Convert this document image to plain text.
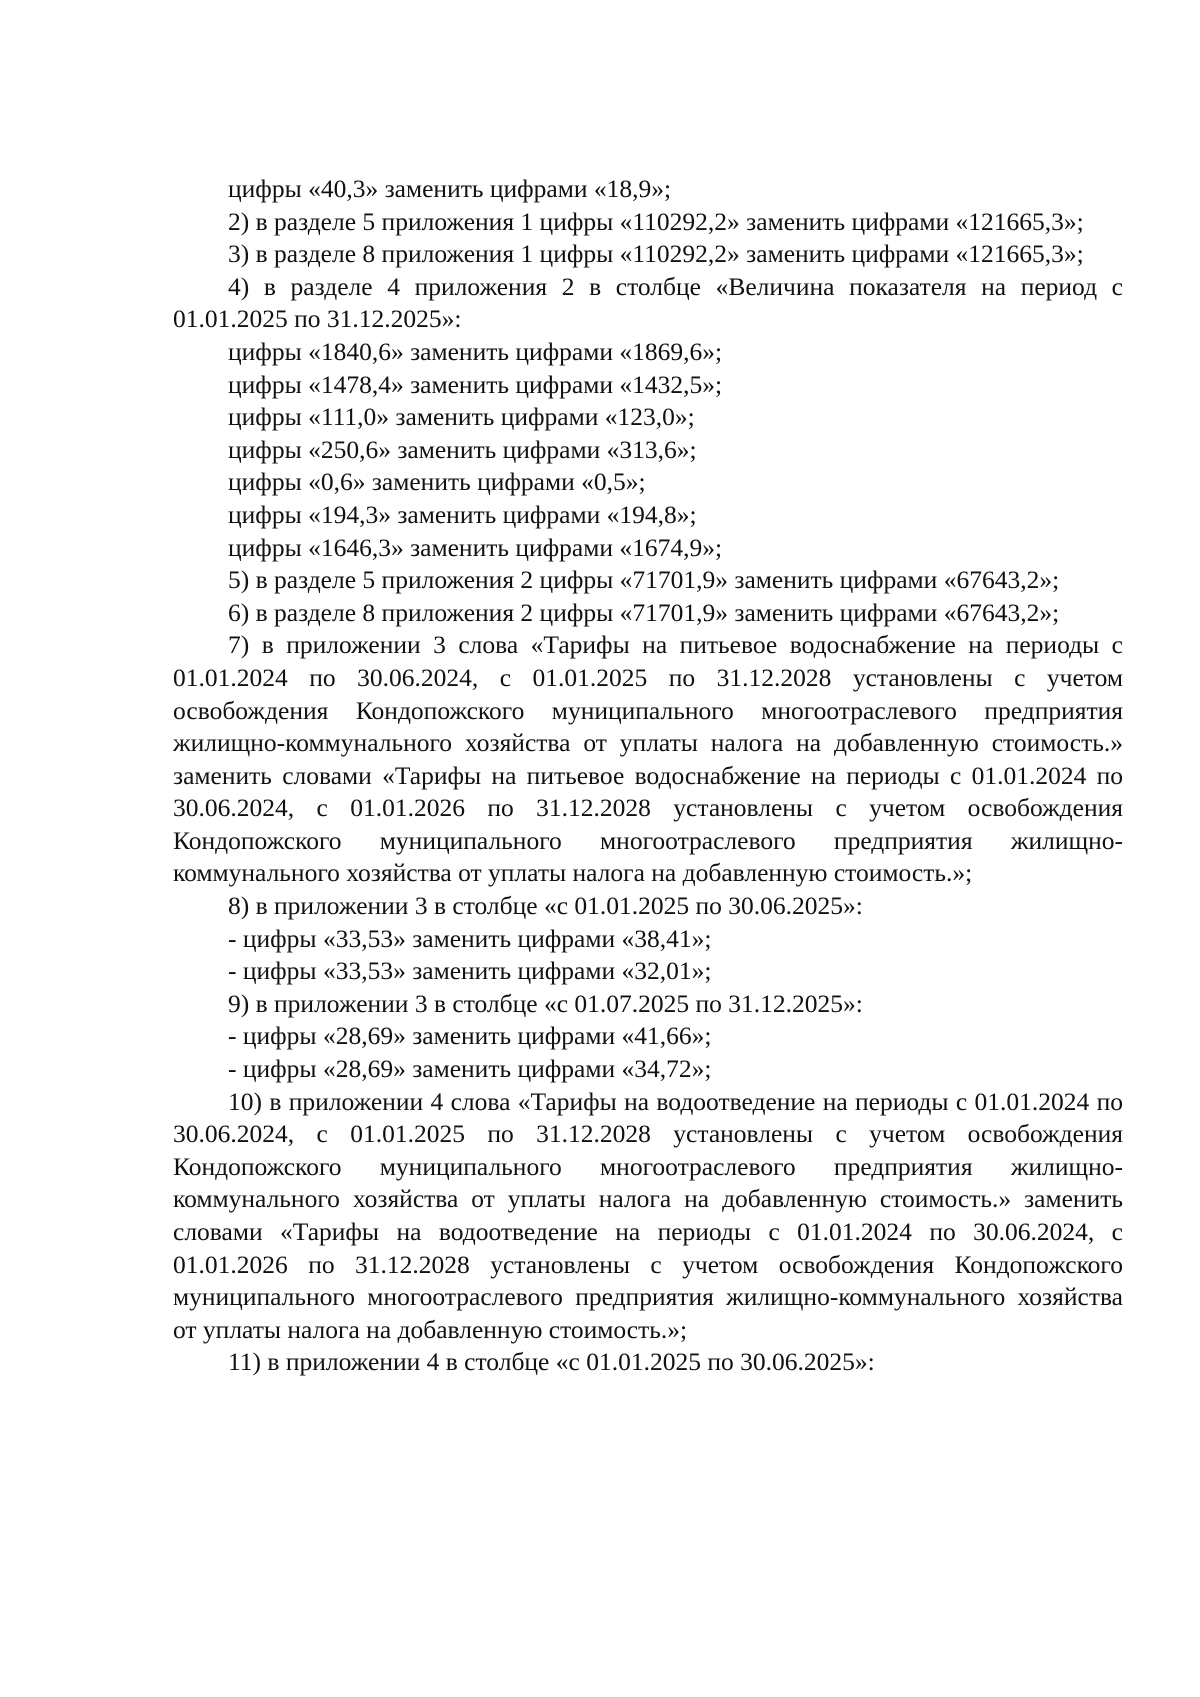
цифры «40,3» заменить цифрами «18,9»;

2) в разделе 5 приложения 1 цифры «110292,2» заменить цифрами «121665,3»;

3) в разделе 8 приложения 1 цифры «110292,2» заменить цифрами «121665,3»;

4) в разделе 4 приложения 2 в столбце «Величина показателя на период с 01.01.2025 по 31.12.2025»:

цифры «1840,6» заменить цифрами «1869,6»;

цифры «1478,4» заменить цифрами «1432,5»;

цифры «111,0» заменить цифрами «123,0»;

цифры «250,6» заменить цифрами «313,6»;

цифры «0,6» заменить цифрами «0,5»;

цифры «194,3» заменить цифрами «194,8»;

цифры «1646,3» заменить цифрами «1674,9»;

5) в разделе 5 приложения 2 цифры «71701,9» заменить цифрами «67643,2»;

6) в разделе 8 приложения 2 цифры «71701,9» заменить цифрами «67643,2»;

7) в приложении 3 слова «Тарифы на питьевое водоснабжение на периоды с 01.01.2024 по 30.06.2024, с 01.01.2025 по 31.12.2028 установлены с учетом освобождения Кондопожского муниципального многоотраслевого предприятия жилищно-коммунального хозяйства от уплаты налога на добавленную стоимость.» заменить словами «Тарифы на питьевое водоснабжение на периоды с 01.01.2024 по 30.06.2024, с 01.01.2026 по 31.12.2028 установлены с учетом освобождения Кондопожского муниципального многоотраслевого предприятия жилищно-коммунального хозяйства от уплаты налога на добавленную стоимость.»;

8) в приложении 3 в столбце «с 01.01.2025 по 30.06.2025»:

- цифры «33,53» заменить цифрами «38,41»;

- цифры «33,53» заменить цифрами «32,01»;

9) в приложении 3 в столбце «с 01.07.2025 по 31.12.2025»:

- цифры «28,69» заменить цифрами «41,66»;

- цифры «28,69» заменить цифрами «34,72»;

10) в приложении 4 слова «Тарифы на водоотведение на периоды с 01.01.2024 по 30.06.2024, с 01.01.2025 по 31.12.2028 установлены с учетом освобождения Кондопожского муниципального многоотраслевого предприятия жилищно-коммунального хозяйства от уплаты налога на добавленную стоимость.» заменить словами «Тарифы на водоотведение на периоды с 01.01.2024 по 30.06.2024, с 01.01.2026 по 31.12.2028 установлены с учетом освобождения Кондопожского муниципального многоотраслевого предприятия жилищно-коммунального хозяйства от уплаты налога на добавленную стоимость.»;

11) в приложении 4 в столбце «с 01.01.2025 по 30.06.2025»:
